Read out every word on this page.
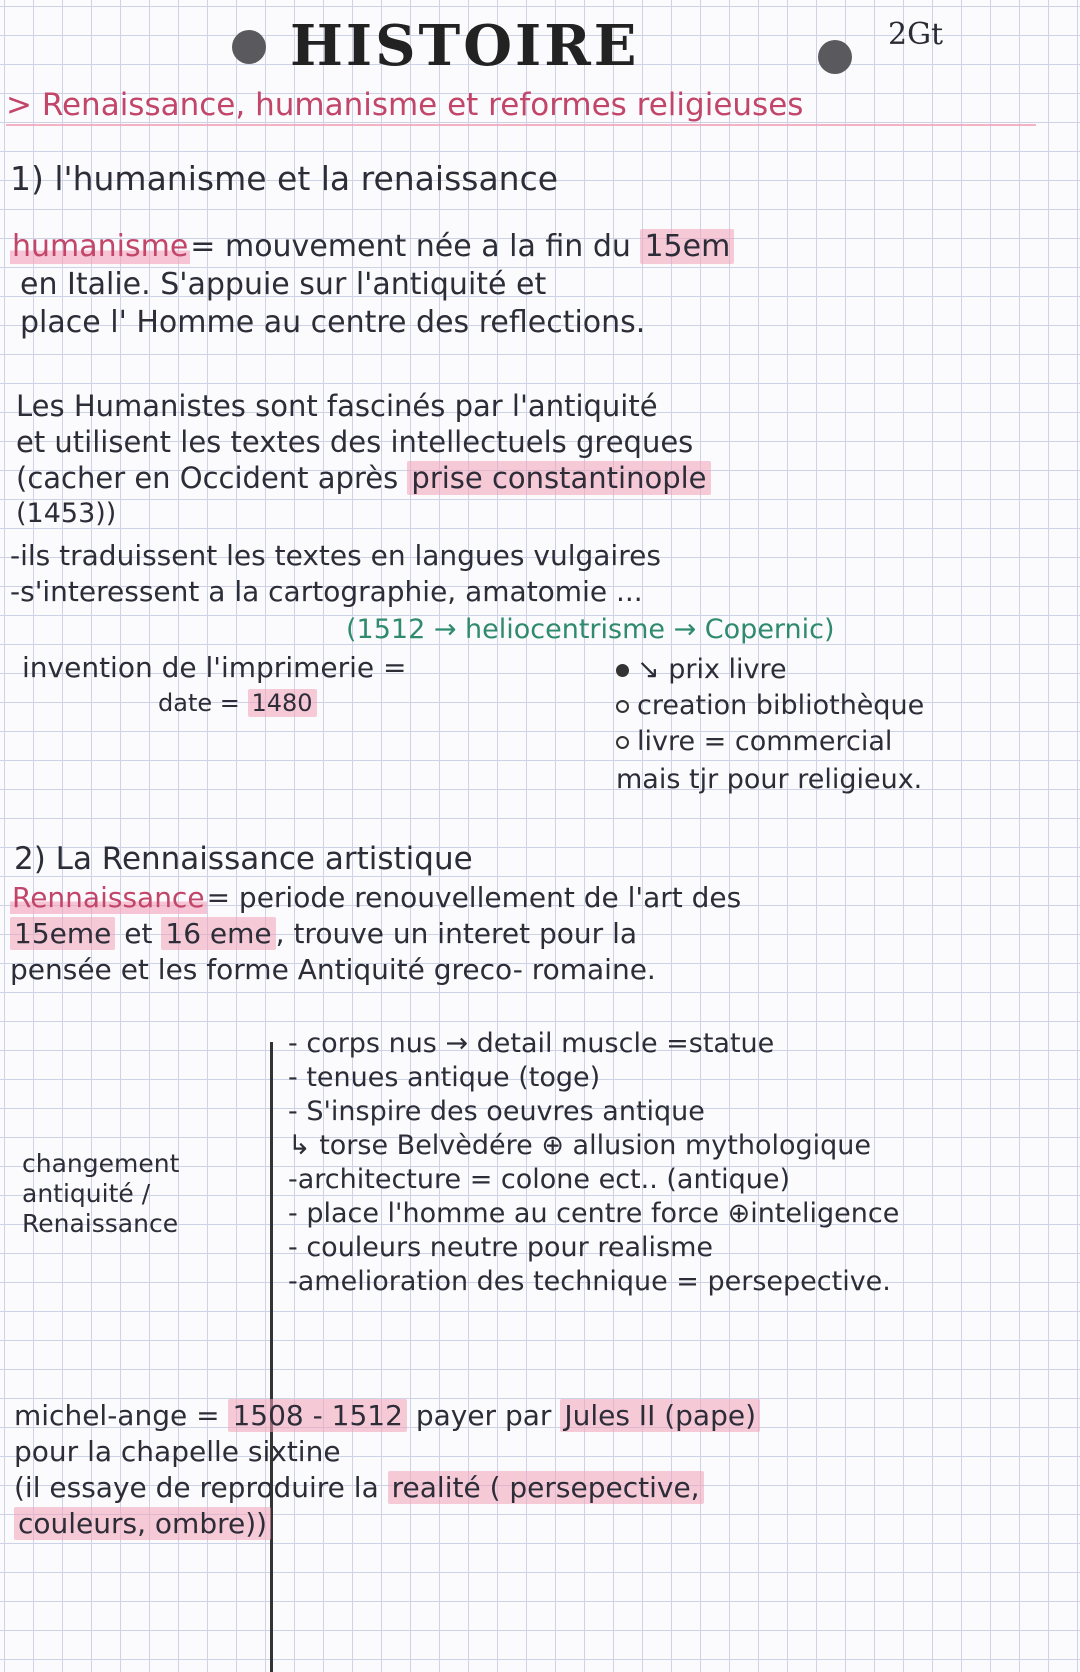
HISTOIRE	2Gt
> Renaissance, humanisme et reformes religieuses
1) l'humanisme et la renaissance
humanisme= mouvement née a la fin du 15em
en Italie. S'appuie sur l'antiquité et
place l' Homme au centre des reflections.
Les Humanistes sont fascinés par l'antiquité
et utilisent les textes des intellectuels greques
(cacher en Occident après prise constantinople
(1453))
-ils traduissent les textes en langues vulgaires
-s'interessent a la cartographie, amatomie ...
(1512 → heliocentrisme → Copernic)
invention de l'imprimerie =
date = 1480
↘ prix livre
creation bibliothèque
livre = commercial
mais tjr pour religieux.
2) La Rennaissance artistique
Rennaissance= periode renouvellement de l'art des
15eme et 16 eme , trouve un interet pour la
pensée et les forme Antiquité greco- romaine.
changement
antiquité /
Renaissance
- corps nus → detail muscle =statue
- tenues antique (toge)
- S'inspire des oeuvres antique
↳ torse Belvèdére ⊕ allusion mythologique
-architecture = colone ect.. (antique)
- place l'homme au centre force ⊕inteligence
- couleurs neutre pour realisme
-amelioration des technique = persepective.
michel-ange = 1508 - 1512 payer par Jules II (pape)
pour la chapelle sixtine
(il essaye de reproduire la realité ( persepective,
couleurs, ombre))
